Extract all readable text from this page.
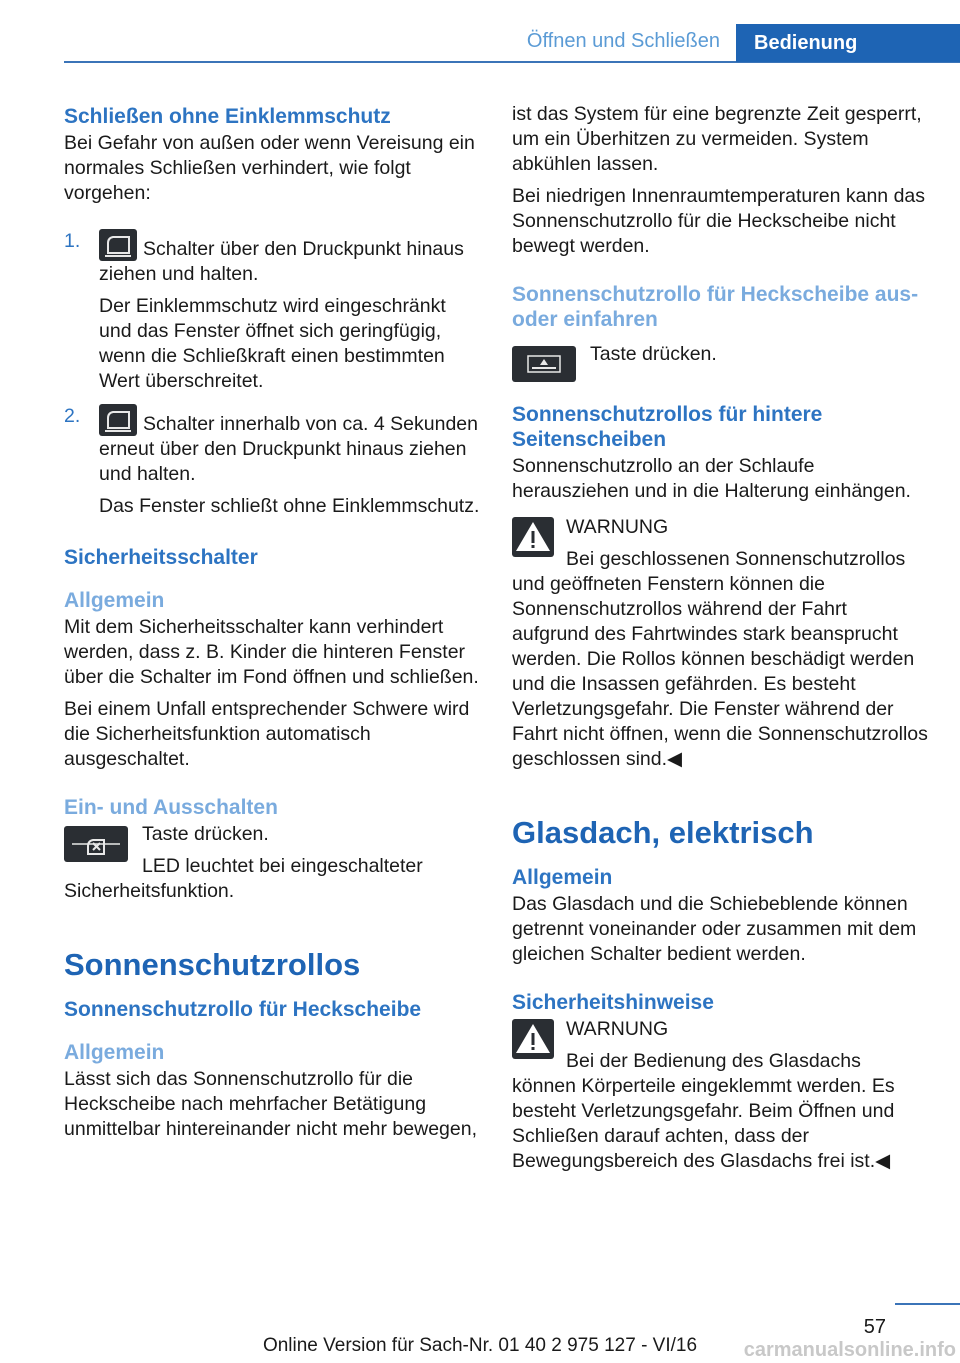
Öffnen und Schließen	Bedienung
Schließen ohne Einklemmschutz

Bei Gefahr von außen oder wenn Vereisung ein normales Schließen verhindert, wie folgt vorgehen:

1.	Schalter über den Druckpunkt hinaus ziehen und halten.

Der Einklemmschutz wird eingeschränkt und das Fenster öffnet sich geringfügig, wenn die Schließkraft einen bestimmten Wert überschreitet.

2.	Schalter innerhalb von ca. 4 Sekunden erneut über den Druckpunkt hinaus ziehen und halten.

Das Fenster schließt ohne Einklemmschutz.

Sicherheitsschalter
Allgemein

Mit dem Sicherheitsschalter kann verhindert werden, dass z. B. Kinder die hinteren Fenster über die Schalter im Fond öffnen und schließen.

Bei einem Unfall entsprechender Schwere wird die Sicherheitsfunktion automatisch ausgeschaltet.

Ein- und Ausschalten

Taste drücken.

LED leuchtet bei eingeschalteter Sicherheitsfunktion.

Sonnenschutzrollos
Sonnenschutzrollo für Heckscheibe
Allgemein

Lässt sich das Sonnenschutzrollo für die Heckscheibe nach mehrfacher Betätigung unmittelbar hintereinander nicht mehr bewegen,

ist das System für eine begrenzte Zeit gesperrt, um ein Überhitzen zu vermeiden. System abkühlen lassen.

Bei niedrigen Innenraumtemperaturen kann das Sonnenschutzrollo für die Heckscheibe nicht bewegt werden.

Sonnenschutzrollo für Heckscheibe aus- oder einfahren

Taste drücken.

Sonnenschutzrollos für hintere Seitenscheiben

Sonnenschutzrollo an der Schlaufe herausziehen und in die Halterung einhängen.

WARNUNG

Bei geschlossenen Sonnenschutzrollos und geöffneten Fenstern können die Sonnenschutzrollos während der Fahrt aufgrund des Fahrtwindes stark beansprucht werden. Die Rollos können beschädigt werden und die Insassen gefährden. Es besteht Verletzungsgefahr. Die Fenster während der Fahrt nicht öffnen, wenn die Sonnenschutzrollos geschlossen sind.◀

Glasdach, elektrisch
Allgemein

Das Glasdach und die Schiebeblende können getrennt voneinander oder zusammen mit dem gleichen Schalter bedient werden.

Sicherheitshinweise

WARNUNG

Bei der Bedienung des Glasdachs können Körperteile eingeklemmt werden. Es besteht Verletzungsgefahr. Beim Öffnen und Schließen darauf achten, dass der Bewegungsbereich des Glasdachs frei ist.◀

57
Online Version für Sach-Nr. 01 40 2 975 127 - VI/16	carmanualsonline.info
